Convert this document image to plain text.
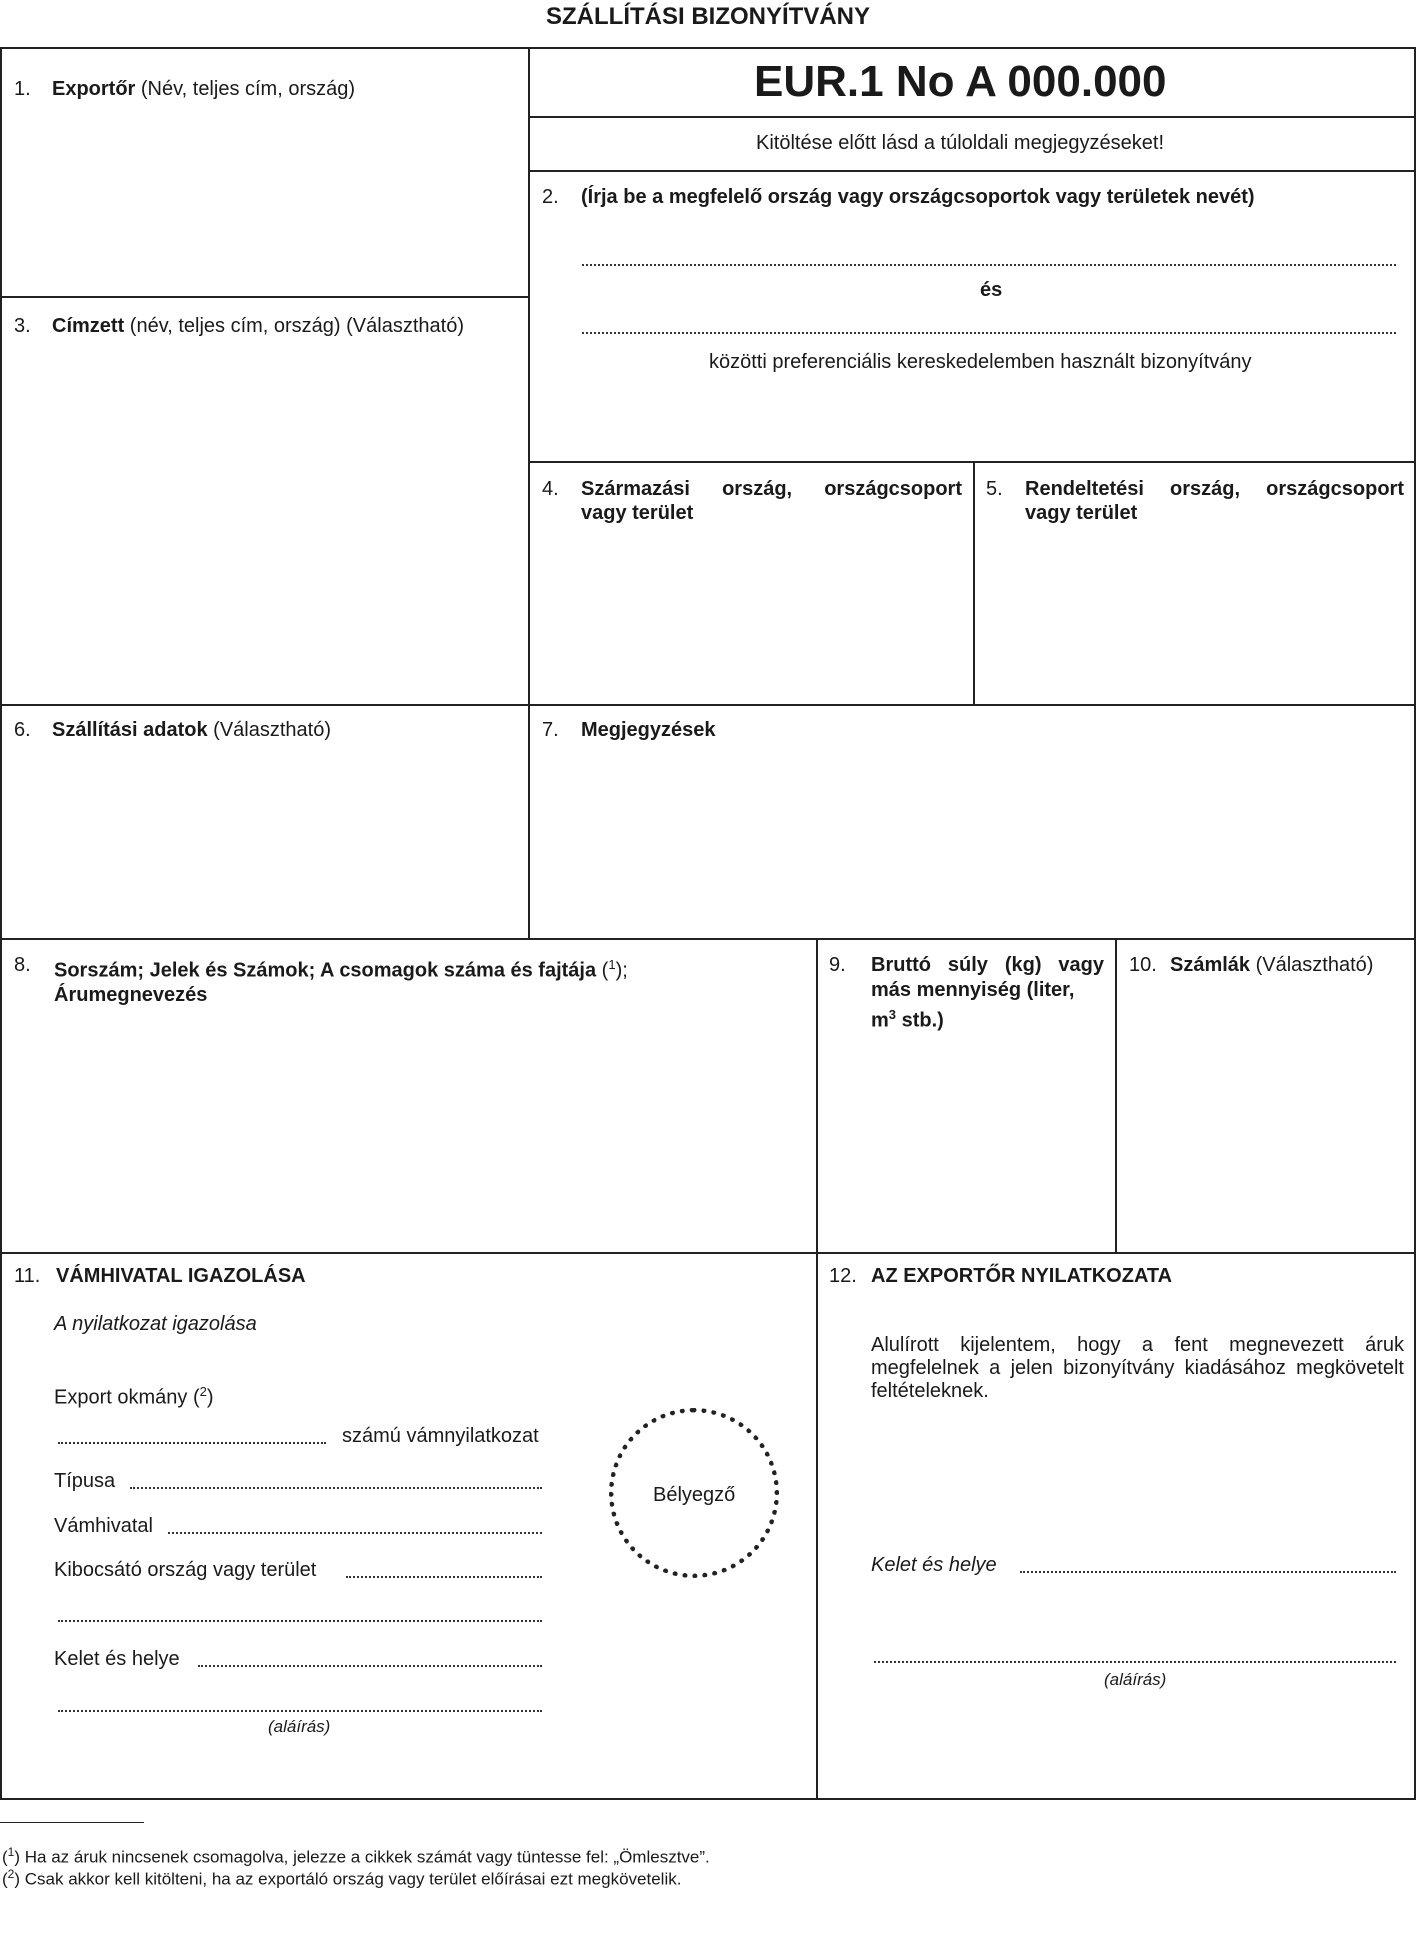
SZÁLLÍTÁSI BIZONYÍTVÁNY
1. Exportőr (Név, teljes cím, ország)	EUR.1 No A 000.000
Kitöltése előtt lásd a túloldali megjegyzéseket!
2. (Írja be a megfelelő ország vagy országcsoportok vagy területek nevét)
és
közötti preferenciális kereskedelemben használt bizonyítvány
3. Címzett (név, teljes cím, ország) (Választható)
4. Származási ország, országcsoport
vagy terület
5. Rendeltetési ország, országcsoport
vagy terület
6. Szállítási adatok (Választható)	7. Megjegyzések
8. Sorszám; Jelek és Számok; A csomagok száma és fajtája ($^1$);
Árumegnevezés
9. Bruttó súly (kg) vagy
más mennyiség (liter,
$m^3$ stb.)
10. Számlák (Választható)
11. VÁMHIVATAL IGAZOLÁSA
A nyilatkozat igazolása
Export okmány ($^2$)
számú vámnyilatkozat
Típusa
Vámhivatal
Kibocsátó ország vagy terület
Kelet és helye
(aláírás)
Bélyegző
12. AZ EXPORTŐR NYILATKOZATA
Alulírott kijelentem, hogy a fent megnevezett áruk megfelelnek a jelen bizonyítvány kiadásához megkövetelt feltételeknek.
Kelet és helye
(aláírás)
($^1$) Ha az áruk nincsenek csomagolva, jelezze a cikkek számát vagy tüntesse fel: „Ömlesztve”.
($^2$) Csak akkor kell kitölteni, ha az exportáló ország vagy terület előírásai ezt megkövetelik.
